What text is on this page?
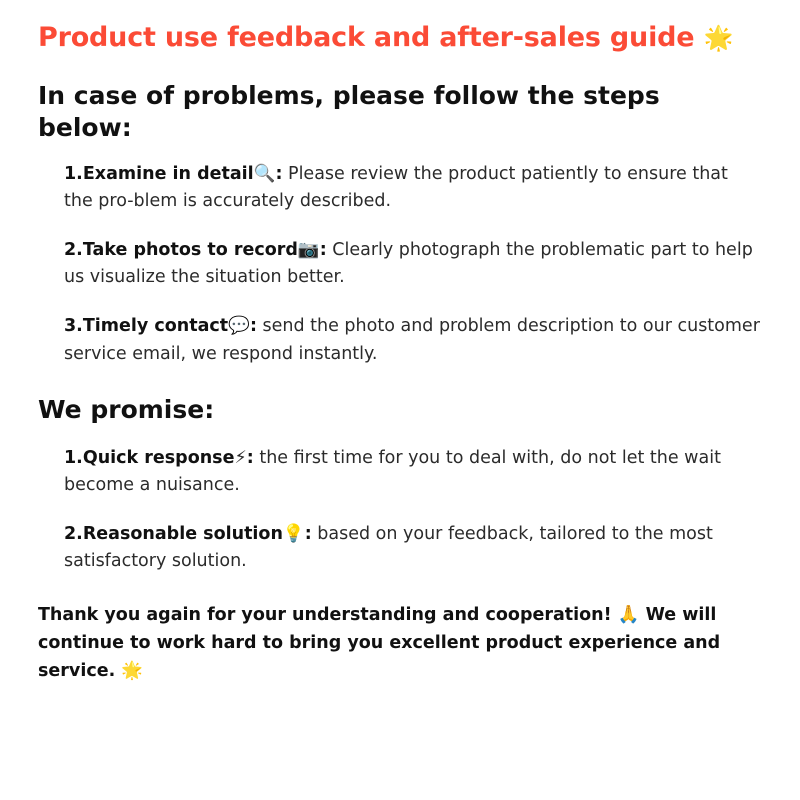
Product use feedback and after-sales guide 🌟
In case of problems, please follow the steps below:

1.Examine in detail🔍: Please review the product patiently to ensure that the pro-blem is accurately described.

2.Take photos to record📷: Clearly photograph the problematic part to help us visualize the situation better.

3.Timely contact💬: send the photo and problem description to our customer service email, we respond instantly.

We promise:

1.Quick response⚡: the first time for you to deal with, do not let the wait become a nuisance.

2.Reasonable solution💡: based on your feedback, tailored to the most satisfactory solution.

Thank you again for your understanding and cooperation! 🙏 We will continue to work hard to bring you excellent product experience and service. 🌟
